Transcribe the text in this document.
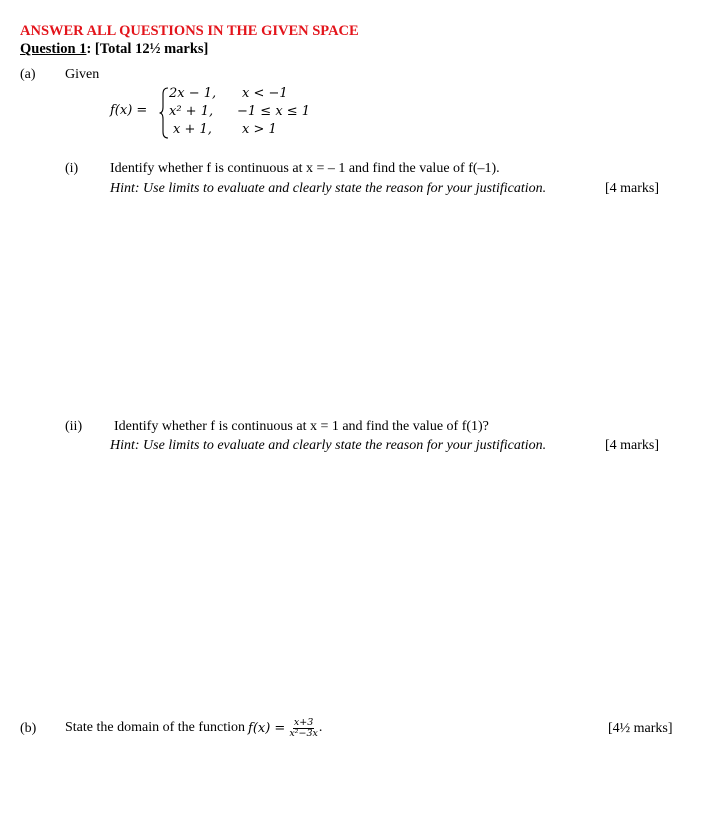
ANSWER ALL QUESTIONS IN THE GIVEN SPACE
Question 1: [Total 12½ marks]
(a) Given
f(x) =
2x − 1, x < −1
x² + 1, −1 ≤ x ≤ 1
x + 1, x > 1
(i) Identify whether f is continuous at x = – 1 and find the value of f(–1).
Hint: Use limits to evaluate and clearly state the reason for your justification.	[4 marks]
(ii) Identify whether f is continuous at x = 1 and find the value of f(1)?
Hint: Use limits to evaluate and clearly state the reason for your justification.	[4 marks]
(b) State the domain of the function $f(x) = \frac{x+3}{\text{x²−3x}}$ .	[4½ marks]
